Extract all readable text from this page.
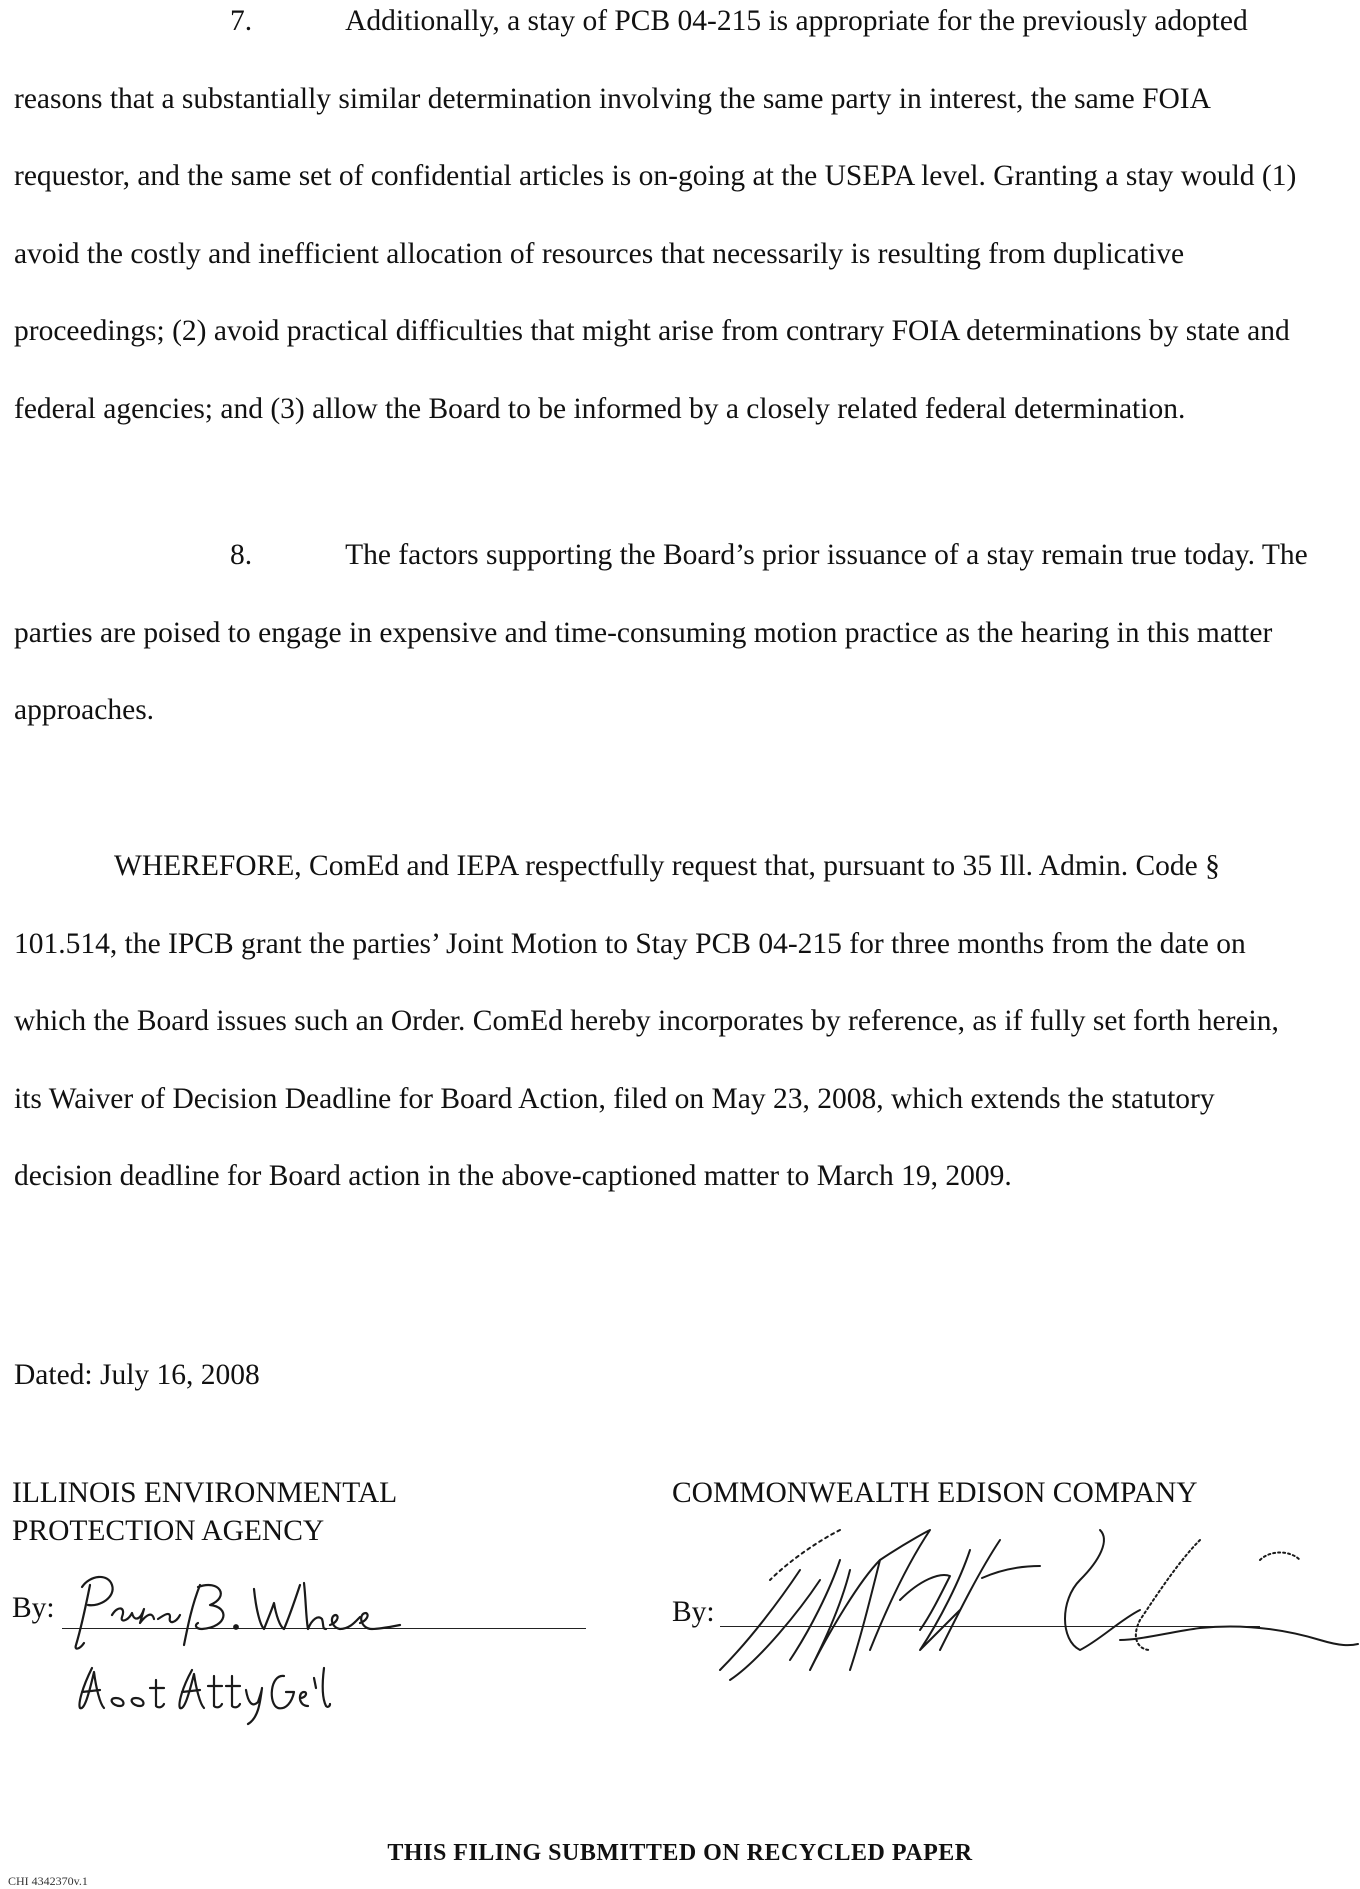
7.	Additionally, a stay of PCB 04-215 is appropriate for the previously adopted reasons that a substantially similar determination involving the same party in interest, the same FOIA requestor, and the same set of confidential articles is on-going at the USEPA level. Granting a stay would (1) avoid the costly and inefficient allocation of resources that necessarily is resulting from duplicative proceedings; (2) avoid practical difficulties that might arise from contrary FOIA determinations by state and federal agencies; and (3) allow the Board to be informed by a closely related federal determination.

8.	The factors supporting the Board’s prior issuance of a stay remain true today. The parties are poised to engage in expensive and time-consuming motion practice as the hearing in this matter approaches.

WHEREFORE, ComEd and IEPA respectfully request that, pursuant to 35 Ill. Admin. Code § 101.514, the IPCB grant the parties’ Joint Motion to Stay PCB 04-215 for three months from the date on which the Board issues such an Order. ComEd hereby incorporates by reference, as if fully set forth herein, its Waiver of Decision Deadline for Board Action, filed on May 23, 2008, which extends the statutory decision deadline for Board action in the above-captioned matter to March 19, 2009.

Dated: July 16, 2008
ILLINOIS ENVIRONMENTAL
PROTECTION AGENCY
By:
COMMONWEALTH EDISON COMPANY
By:
THIS FILING SUBMITTED ON RECYCLED PAPER
CHI 4342370v.1
